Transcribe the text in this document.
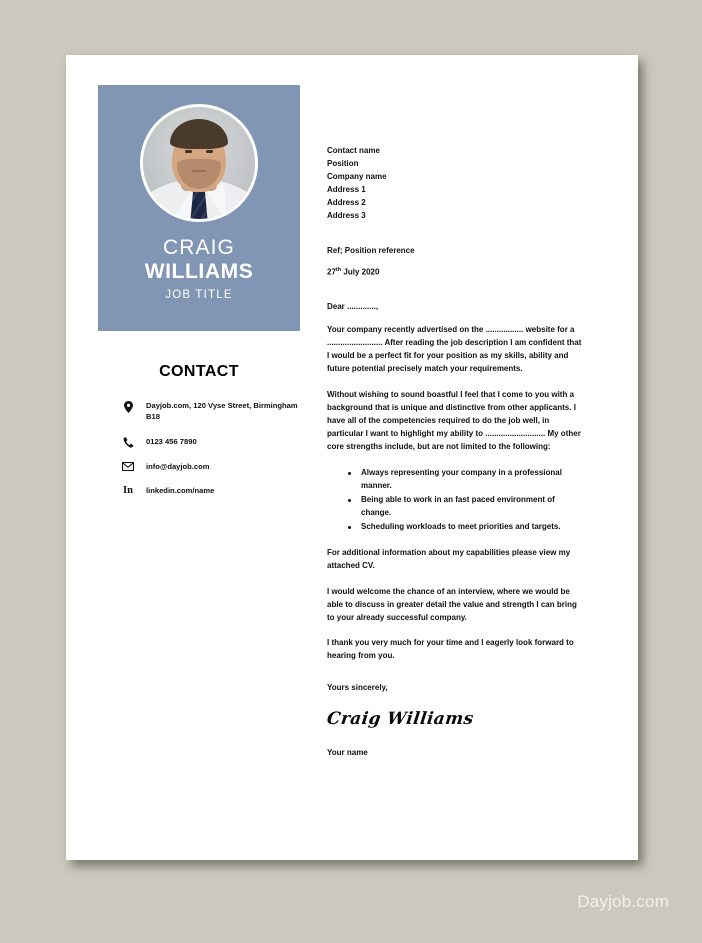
CRAIG
WILLIAMS
JOB TITLE
CONTACT
Dayjob.com, 120 Vyse Street, Birmingham B18
0123 456 7890
info@dayjob.com
In	linkedin.com/name
Contact name
Position
Company name
Address 1
Address 2
Address 3
Ref; Position reference
27th July 2020
Dear .............,
Your company recently advertised on the ................. website for a ......................... After reading the job description I am confident that I would be a perfect fit for your position as my skills, ability and future potential precisely match your requirements.
Without wishing to sound boastful I feel that I come to you with a background that is unique and distinctive from other applicants. I have all of the competencies required to do the job well, in particular I want to highlight my ability to ........................... My other core strengths include, but are not limited to the following:
Always representing your company in a professional manner.
Being able to work in an fast paced environment of change.
Scheduling workloads to meet priorities and targets.
For additional information about my capabilities please view my attached CV.
I would welcome the chance of an interview, where we would be able to discuss in greater detail the value and strength I can bring to your already successful company.
I thank you very much for your time and I eagerly look forward to hearing from you.
Yours sincerely,
Craig Williams
Your name
Dayjob.com
